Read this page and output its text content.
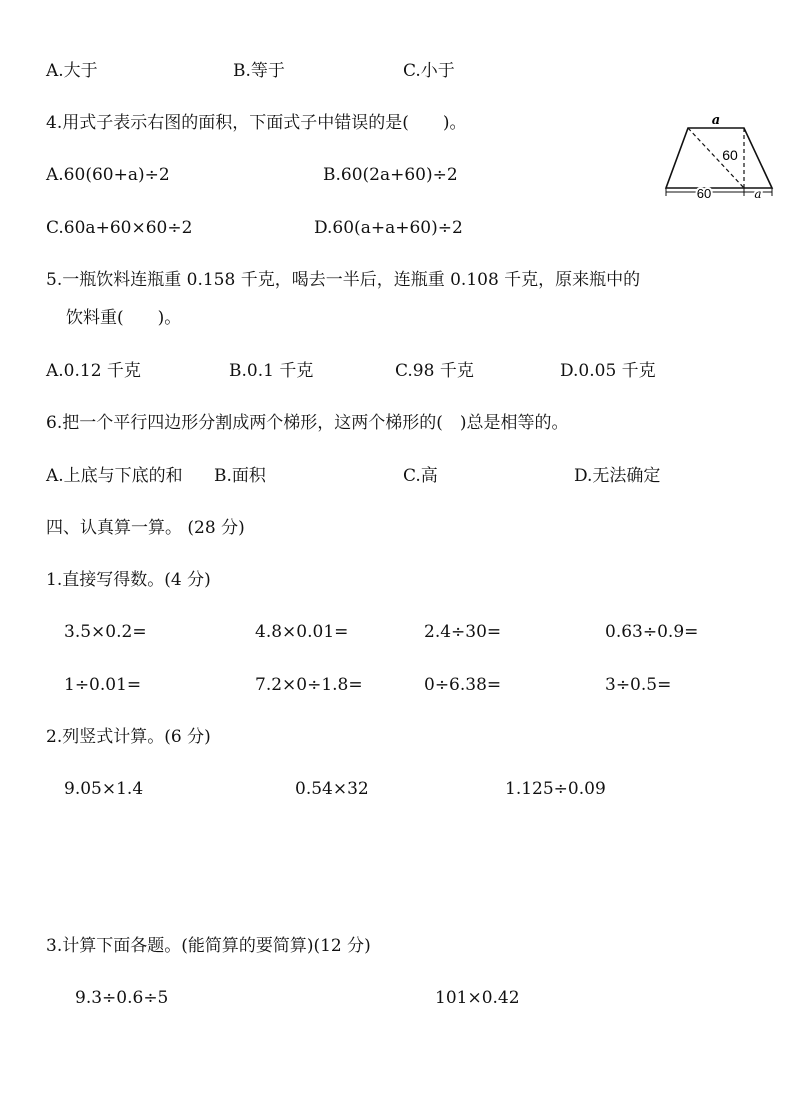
A.大于	B.等于	C.小于
4.用式子表示右图的面积，下面式子中错误的是(　　)。
A.60(60+a)÷2	B.60(2a+60)÷2
C.60a+60×60÷2	D.60(a+a+60)÷2
a
60
60	a
5.一瓶饮料连瓶重 0.158 千克，喝去一半后，连瓶重 0.108 千克，原来瓶中的
饮料重(　　)。
A.0.12 千克	B.0.1 千克	C.98 千克	D.0.05 千克
6.把一个平行四边形分割成两个梯形，这两个梯形的(　)总是相等的。
A.上底与下底的和 B.面积	C.高	D.无法确定
四、认真算一算。 (28 分)
1.直接写得数。(4 分)
3.5×0.2=	4.8×0.01=	2.4÷30=	0.63÷0.9=
1÷0.01=	7.2×0÷1.8=	0÷6.38=	3÷0.5=
2.列竖式计算。(6 分)
9.05×1.4	0.54×32	1.125÷0.09
3.计算下面各题。(能简算的要简算)(12 分)
9.3÷0.6÷5	101×0.42
